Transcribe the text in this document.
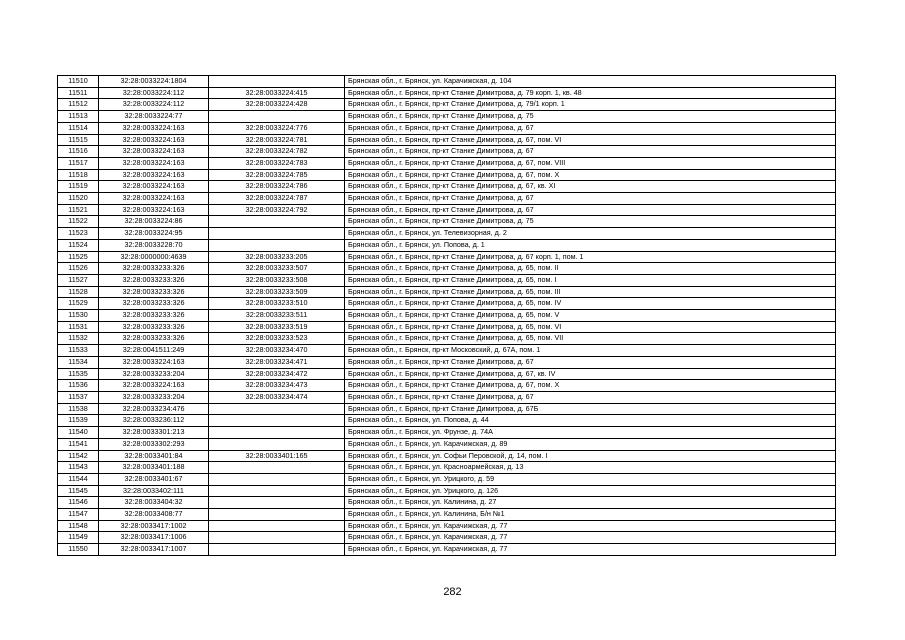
11510	32:28:0033224:1804		Брянская обл., г. Брянск, ул. Карачижская, д. 104
11511	32:28:0033224:112	32:28:0033224:415	Брянская обл., г. Брянск, пр-кт Станке Димитрова, д. 79 корп. 1, кв. 48
11512	32:28:0033224:112	32:28:0033224:428	Брянская обл., г. Брянск, пр-кт Станке Димитрова, д. 79/1 корп. 1
11513	32:28:0033224:77		Брянская обл., г. Брянск, пр-кт Станке Димитрова, д. 75
11514	32:28:0033224:163	32:28:0033224:776	Брянская обл., г. Брянск, пр-кт Станке Димитрова, д. 67
11515	32:28:0033224:163	32:28:0033224:781	Брянская обл., г. Брянск, пр-кт Станке Димитрова, д. 67, пом. VI
11516	32:28:0033224:163	32:28:0033224:782	Брянская обл., г. Брянск, пр-кт Станке Димитрова, д. 67
11517	32:28:0033224:163	32:28:0033224:783	Брянская обл., г. Брянск, пр-кт Станке Димитрова, д. 67, пом. VIII
11518	32:28:0033224:163	32:28:0033224:785	Брянская обл., г. Брянск, пр-кт Станке Димитрова, д. 67, пом. X
11519	32:28:0033224:163	32:28:0033224:786	Брянская обл., г. Брянск, пр-кт Станке Димитрова, д. 67, кв. XI
11520	32:28:0033224:163	32:28:0033224:787	Брянская обл., г. Брянск, пр-кт Станке Димитрова, д. 67
11521	32:28:0033224:163	32:28:0033224:792	Брянская обл., г. Брянск, пр-кт Станке Димитрова, д. 67
11522	32:28:0033224:86		Брянская обл., г. Брянск, пр-кт Станке Димитрова, д. 75
11523	32:28:0033224:95		Брянская обл., г. Брянск, ул. Телевизорная, д. 2
11524	32:28:0033228:70		Брянская обл., г. Брянск, ул. Попова, д. 1
11525	32:28:0000000:4639	32:28:0033233:205	Брянская обл., г. Брянск, пр-кт Станке Димитрова, д. 67 корп. 1, пом. 1
11526	32:28:0033233:326	32:28:0033233:507	Брянская обл., г. Брянск, пр-кт Станке Димитрова, д. 65, пом. II
11527	32:28:0033233:326	32:28:0033233:508	Брянская обл., г. Брянск, пр-кт Станке Димитрова, д. 65, пом. I
11528	32:28:0033233:326	32:28:0033233:509	Брянская обл., г. Брянск, пр-кт Станке Димитрова, д. 65, пом. III
11529	32:28:0033233:326	32:28:0033233:510	Брянская обл., г. Брянск, пр-кт Станке Димитрова, д. 65, пом. IV
11530	32:28:0033233:326	32:28:0033233:511	Брянская обл., г. Брянск, пр-кт Станке Димитрова, д. 65, пом. V
11531	32:28:0033233:326	32:28:0033233:519	Брянская обл., г. Брянск, пр-кт Станке Димитрова, д. 65, пом. VI
11532	32:28:0033233:326	32:28:0033233:523	Брянская обл., г. Брянск, пр-кт Станке Димитрова, д. 65, пом. VII
11533	32:28:0041511:249	32:28:0033234:470	Брянская обл., г. Брянск, пр-кт Московский, д. 67А, пом. 1
11534	32:28:0033224:163	32:28:0033234:471	Брянская обл., г. Брянск, пр-кт Станке Димитрова, д. 67
11535	32:28:0033233:204	32:28:0033234:472	Брянская обл., г. Брянск, пр-кт Станке Димитрова, д. 67, кв. IV
11536	32:28:0033224:163	32:28:0033234:473	Брянская обл., г. Брянск, пр-кт Станке Димитрова, д. 67, пом. X
11537	32:28:0033233:204	32:28:0033234:474	Брянская обл., г. Брянск, пр-кт Станке Димитрова, д. 67
11538	32:28:0033234:476		Брянская обл., г. Брянск, пр-кт Станке Димитрова, д. 67Б
11539	32:28:0033236:112		Брянская обл., г. Брянск, ул. Попова, д. 44
11540	32:28:0033301:213		Брянская обл., г. Брянск, ул. Фрунзе, д. 74А
11541	32:28:0033302:293		Брянская обл., г. Брянск, ул. Карачижская, д. 89
11542	32:28:0033401:84	32:28:0033401:165	Брянская обл., г. Брянск, ул. Софьи Перовской, д. 14, пом. I
11543	32:28:0033401:188		Брянская обл., г. Брянск, ул. Красноармейская, д. 13
11544	32:28:0033401:67		Брянская обл., г. Брянск, ул. Урицкого, д. 59
11545	32:28:0033402:111		Брянская обл., г. Брянск, ул. Урицкого, д. 126
11546	32:28:0033404:32		Брянская обл., г. Брянск, ул. Калинина, д. 27
11547	32:28:0033408:77		Брянская обл., г. Брянск, ул. Калинина, Б/н №1
11548	32:28:0033417:1002		Брянская обл., г. Брянск, ул. Карачижская, д. 77
11549	32:28:0033417:1006		Брянская обл., г. Брянск, ул. Карачижская, д. 77
11550	32:28:0033417:1007		Брянская обл., г. Брянск, ул. Карачижская, д. 77
282
